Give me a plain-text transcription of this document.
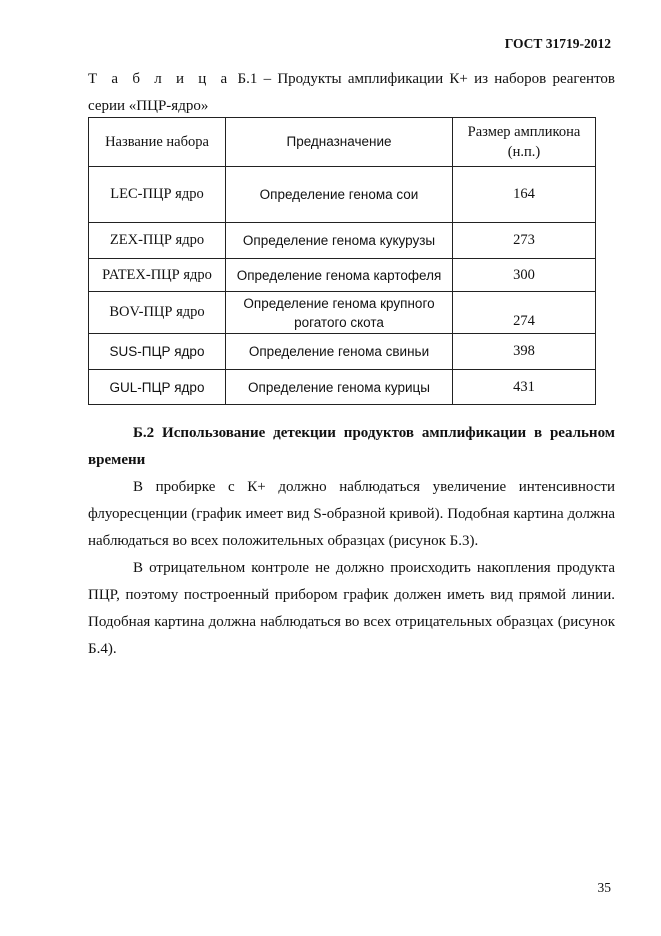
ГОСТ 31719-2012
Т а б л и ц а Б.1 – Продукты амплификации К+ из наборов реагентов серии «ПЦР-ядро»
Название набора	Предназначение	Размер ампликона (н.п.)
LEC-ПЦР ядро	Определение генома сои	164
ZEX-ПЦР ядро	Определение генома кукурузы	273
PATEX-ПЦР ядро	Определение генома картофеля	300
BOV-ПЦР ядро	Определение генома крупного рогатого скота	274
SUS-ПЦР ядро	Определение генома свиньи	398
GUL-ПЦР ядро	Определение генома курицы	431
Б.2 Использование детекции продуктов амплификации в реальном времени

В пробирке с К+ должно наблюдаться увеличение интенсивности флуоресценции (график имеет вид S-образной кривой). Подобная картина должна наблюдаться во всех положительных образцах (рисунок Б.3).

В отрицательном контроле не должно происходить накопления продукта ПЦР, поэтому построенный прибором график должен иметь вид прямой линии. Подобная картина должна наблюдаться во всех отрицательных образцах (рисунок Б.4).

35
